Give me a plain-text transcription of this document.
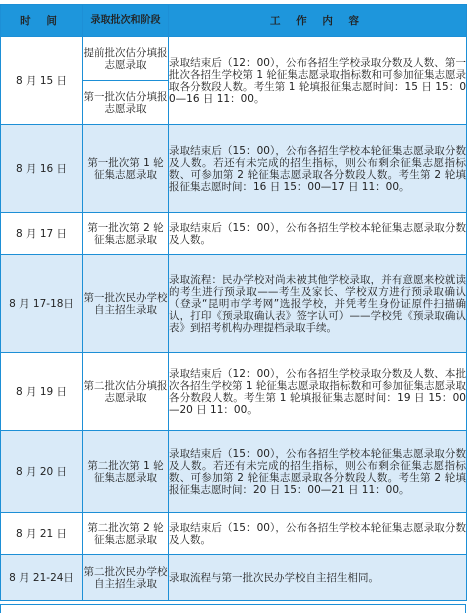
时 间	录取批次和阶段	工 作 内 容
8 月 15 日	提前批次估分填报志愿录取	录取结束后（12：00），公布各招生学校录取分数及人数、第一批次各招生学校第 1 轮征集志愿录取指标数和可参加征集志愿录取各分数段人数。考生第 1 轮填报征集志愿时间：15 日 15：00—16 日 11：00。
	第一批次估分填报志愿录取	
8 月 16 日	第一批次第 1 轮征集志愿录取	录取结束后（15：00），公布各招生学校本轮征集志愿录取分数及人数。若还有未完成的招生指标，则公布剩余征集志愿指标数、可参加第 2 轮征集志愿录取各分数段人数。考生第 2 轮填报征集志愿时间：16 日 15：00—17 日 11：00。
8 月 17 日	第一批次第 2 轮征集志愿录取	录取结束后（15：00），公布各招生学校本轮征集志愿录取分数及人数。
8 月 17-18日	第一批次民办学校自主招生录取	录取流程：民办学校对尚未被其他学校录取，并有意愿来校就读的考生进行预录取——考生及家长、学校双方进行预录取确认（登录“昆明市学考网”选报学校，并凭考生身份证原件扫描确认，打印《预录取确认表》签字认可）——学校凭《预录取确认表》到招考机构办理提档录取手续。
8 月 19 日	第二批次估分填报志愿录取	录取结束后（12：00），公布各招生学校录取分数及人数、本批次各招生学校第 1 轮征集志愿录取指标数和可参加征集志愿录取各分数段人数。考生第 1 轮填报征集志愿时间：19 日 15：00—20 日 11：00。
8 月 20 日	第二批次第 1 轮征集志愿录取	录取结束后（15：00），公布各招生学校本轮征集志愿录取分数及人数。若还有未完成的招生指标，则公布剩余征集志愿指标数、可参加第 2 轮征集志愿录取各分数段人数。考生第 2 轮填报征集志愿时间：20 日 15：00—21 日 11：00。
8 月 21 日	第二批次第 2 轮征集志愿录取	录取结束后（15：00），公布各招生学校本轮征集志愿录取分数及人数。
8 月 21-24日	第二批次民办学校自主招生录取	录取流程与第一批次民办学校自主招生相同。
